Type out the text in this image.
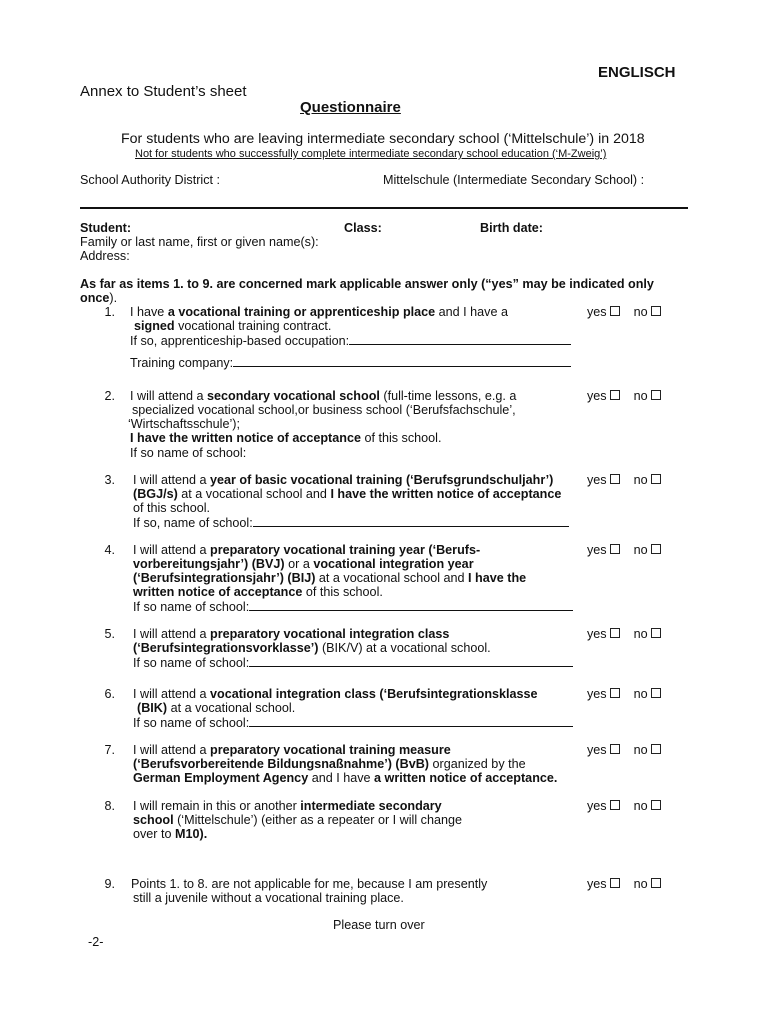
ENGLISCH
Annex to Student’s sheet
Questionnaire
For students who are leaving intermediate secondary school (‘Mittelschule’) in 2018
Not for students who successfully complete intermediate secondary school education (‘M-Zweig’)
School Authority District :	Mittelschule (Intermediate Secondary School) :
Student:	Class:	Birth date:
Family or last name, first or given name(s):
Address:
As far as items 1. to 9. are concerned mark applicable answer only (“yes” may be indicated only
once).
1. I have a vocational training or apprenticeship place and I have a

signed vocational training contract.

If so, apprenticeship-based occupation:

Training company:

yes no
2. I will attend a secondary vocational school (full-time lessons, e.g. a

specialized vocational school,or business school (‘Berufsfachschule’,

‘Wirtschaftsschule’);

I have the written notice of acceptance of this school.

If so name of school:

yes no
3. I will attend a year of basic vocational training (‘Berufsgrundschuljahr’)

(BGJ/s) at a vocational school and I have the written notice of acceptance

of this school.

If so, name of school:

yes no
4. I will attend a preparatory vocational training year (‘Berufs-

vorbereitungsjahr’) (BVJ) or a vocational integration year

(‘Berufsintegrationsjahr’) (BIJ) at a vocational school and I have the

written notice of acceptance of this school.

If so name of school:

yes no
5. I will attend a preparatory vocational integration class

(‘Berufsintegrationsvorklasse’) (BIK/V) at a vocational school.

If so name of school:

yes no
6. I will attend a vocational integration class (‘Berufsintegrationsklasse

(BIK) at a vocational school.

If so name of school:

yes no
7. I will attend a preparatory vocational training measure

(‘Berufsvorbereitende Bildungsnaßnahme’) (BvB) organized by the

German Employment Agency and I have a written notice of acceptance.

yes no
8. I will remain in this or another intermediate secondary

school (‘Mittelschule’) (either as a repeater or I will change

over to M10).

yes no
9. Points 1. to 8. are not applicable for me, because I am presently

still a juvenile without a vocational training place.

yes no
Please turn over
-2-
